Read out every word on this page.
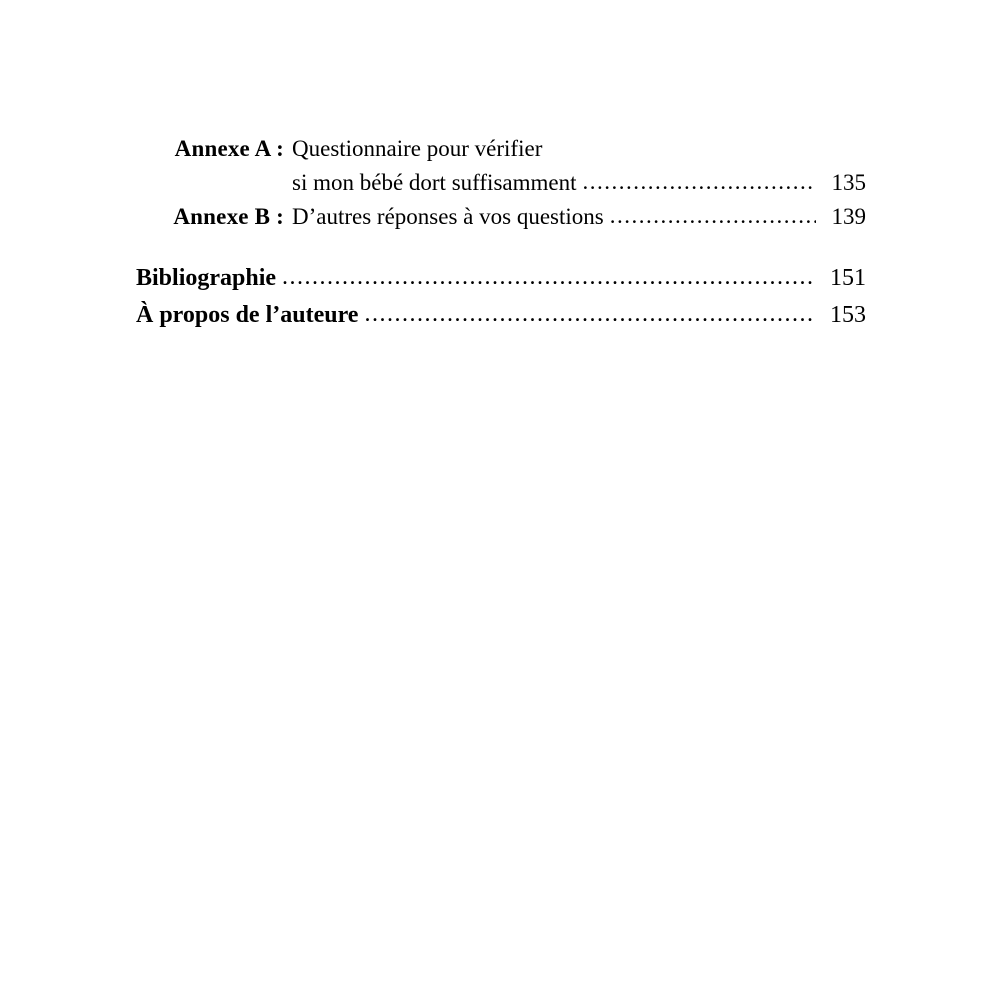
Annexe A : Questionnaire pour vérifier
si mon bébé dort suffisamment .....	135
Annexe B : D’autres réponses à vos questions .....	139
Bibliographie .....	151
À propos de l’auteure .....	153
